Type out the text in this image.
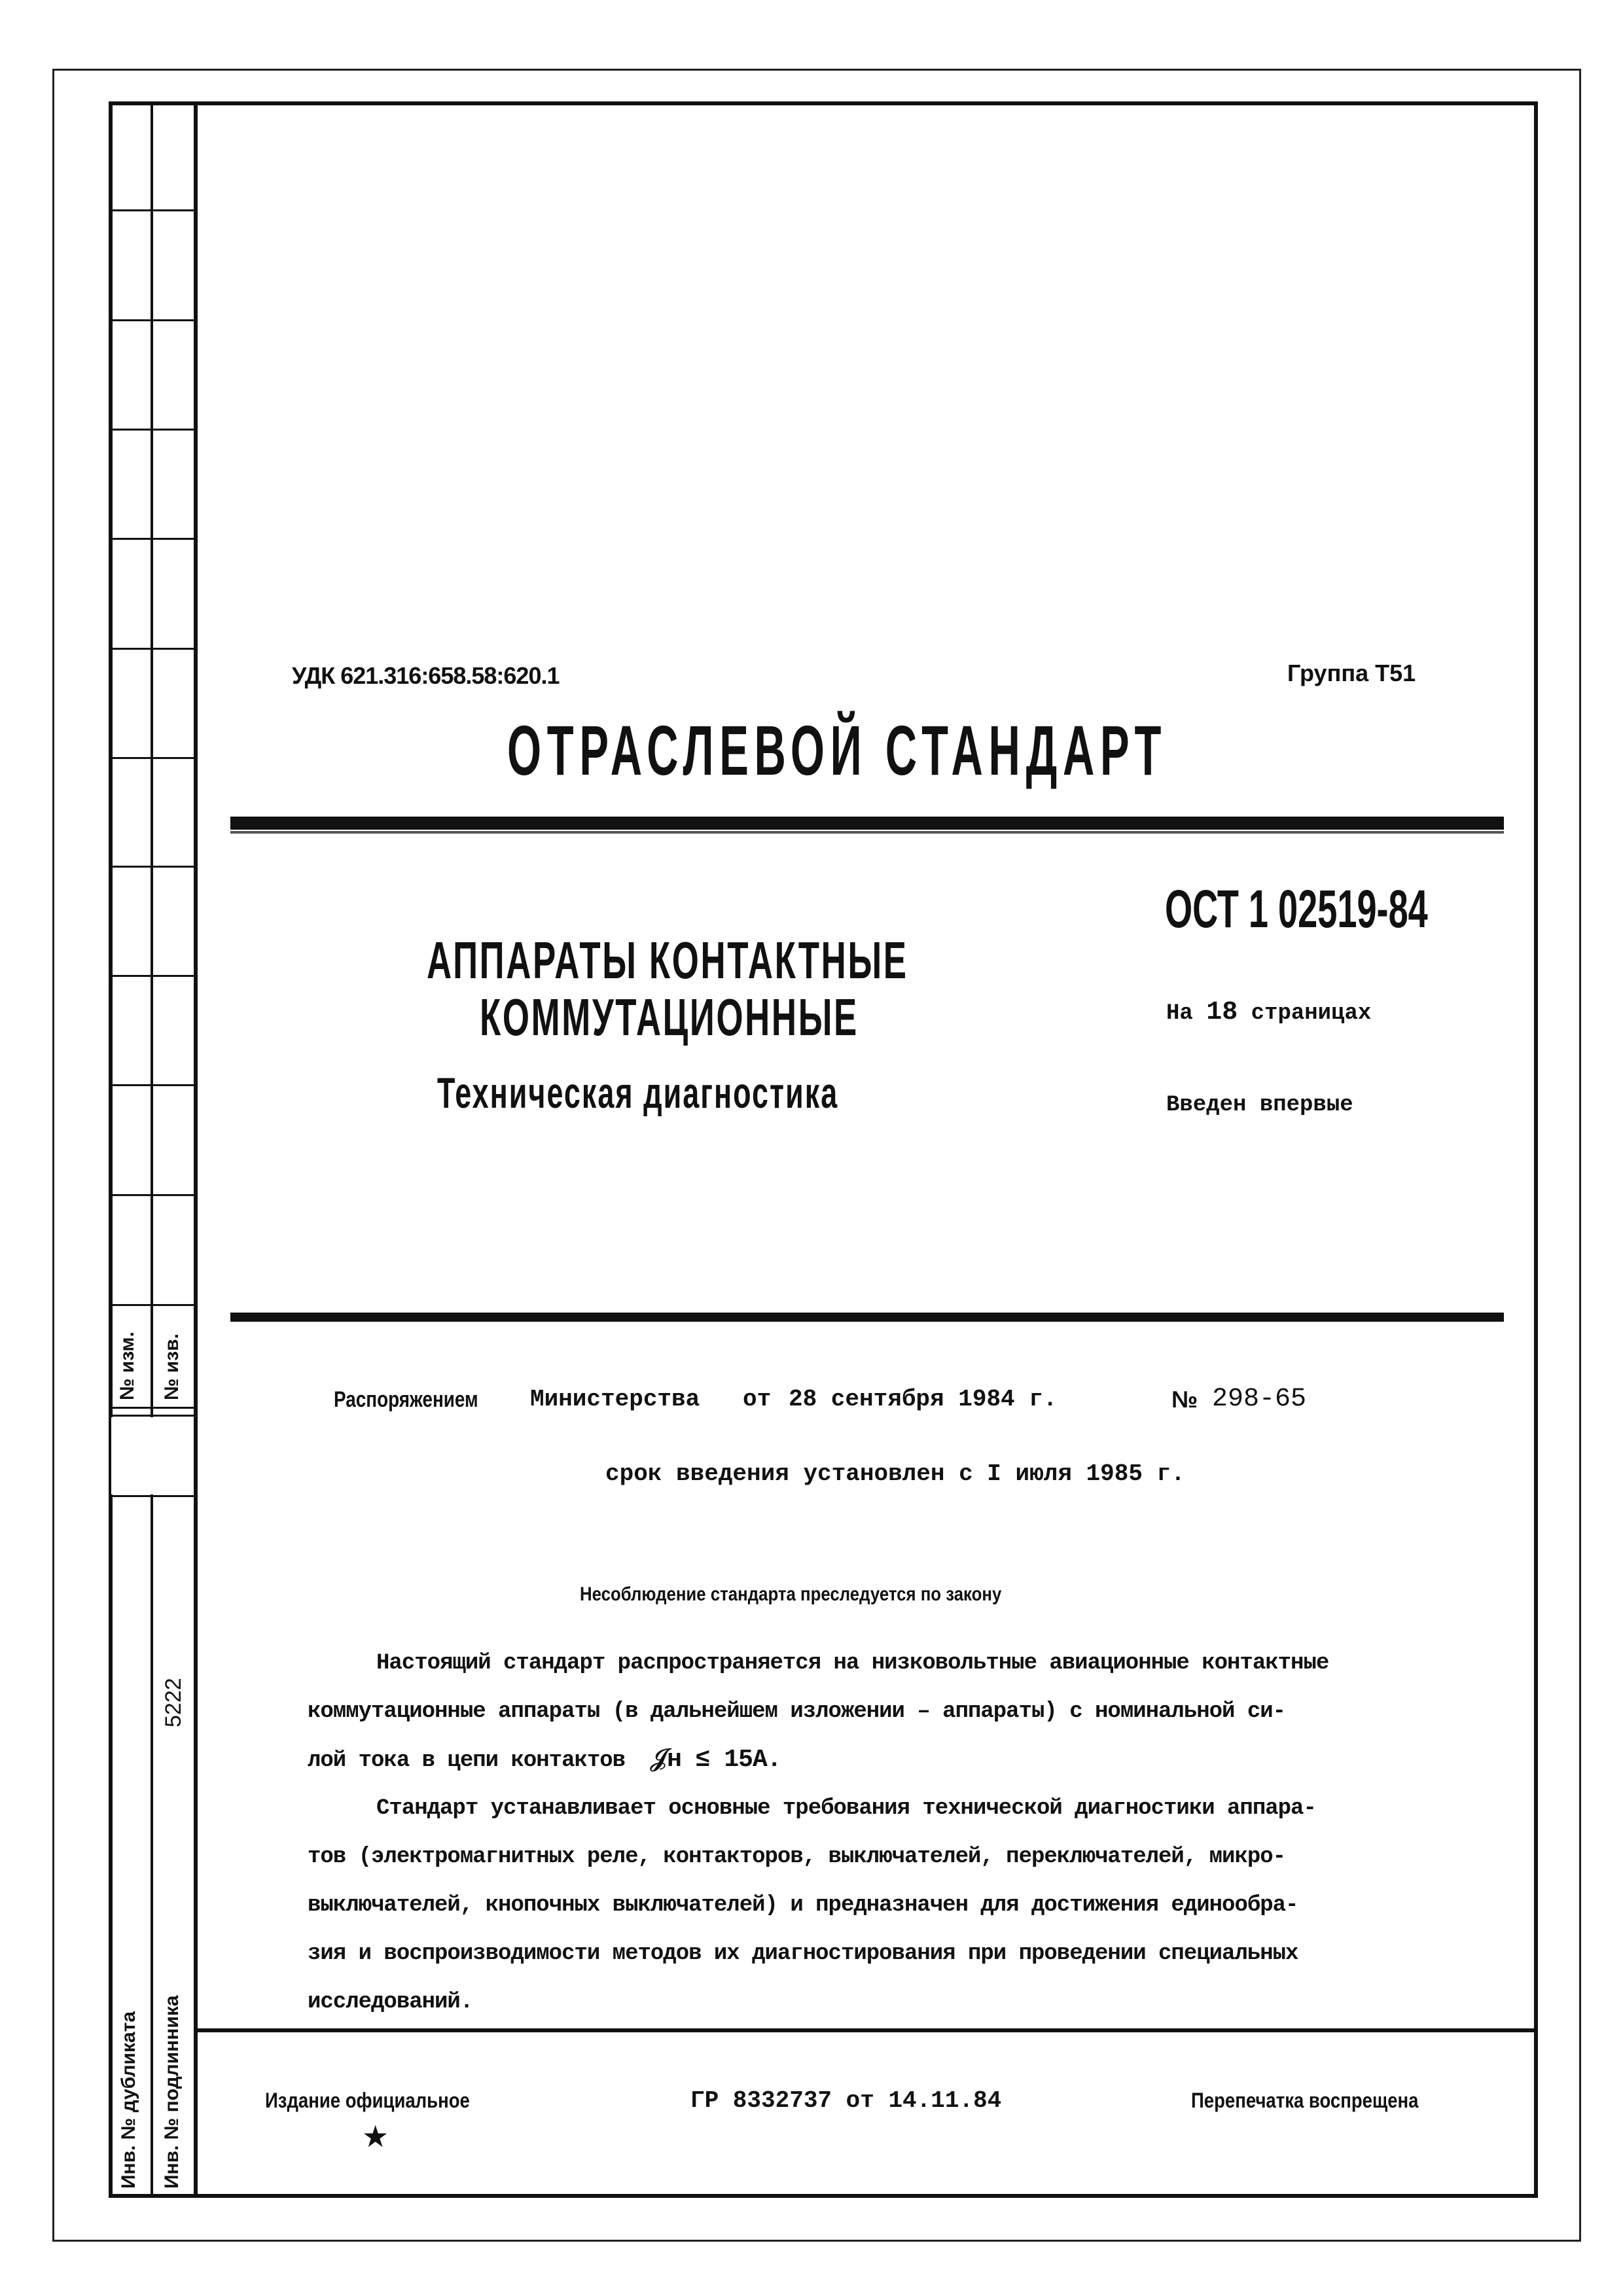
№ изм. № изв.
Инв. № дубликата Инв. № подлинника
5222
УДК 621.316:658.58:620.1	Группа Т51
ОТРАСЛЕВОЙ СТАНДАРТ
АППАРАТЫ КОНТАКТНЫЕ
КОММУТАЦИОННЫЕ
Техническая диагностика
ОСТ 1 02519-84
На 18 страницах
Введен впервые
Распоряжением	Министерства от 28 сентября 1984 г.	№ 298-65
срок введения установлен с I июля 1985 г.
Несоблюдение стандарта преследуется по закону
Настоящий стандарт распространяется на низковольтные авиационные контактные
коммутационные аппараты (в дальнейшем изложении – аппараты) с номинальной си-
лой тока в цепи контактов 𝒥н ≤ 15А.
Стандарт устанавливает основные требования технической диагностики аппара-
тов (электромагнитных реле, контакторов, выключателей, переключателей, микро-
выключателей, кнопочных выключателей) и предназначен для достижения единообра-
зия и воспроизводимости методов их диагностирования при проведении специальных
исследований.
Издание официальное
★
ГР 8332737 от 14.11.84	Перепечатка воспрещена
